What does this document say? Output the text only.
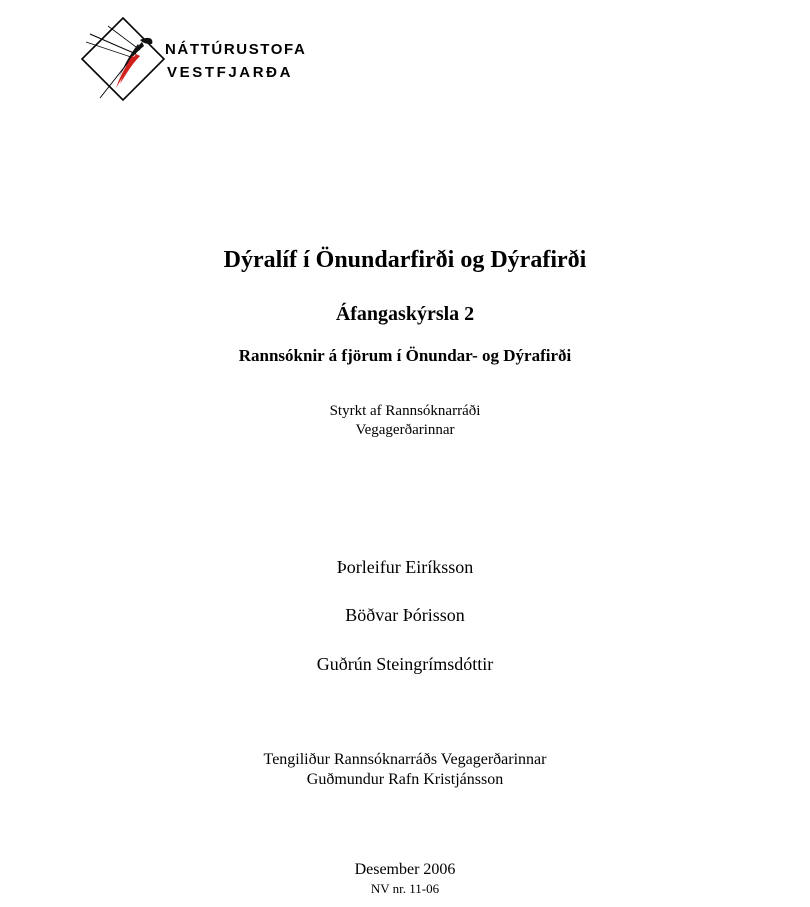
NÁTTÚRUSTOFA
VESTFJARÐA
Dýralíf í Önundarfirði og Dýrafirði
Áfangaskýrsla 2
Rannsóknir á fjörum í Önundar- og Dýrafirði
Styrkt af Rannsóknarráði
Vegagerðarinnar
Þorleifur Eiríksson
Böðvar Þórisson
Guðrún Steingrímsdóttir
Tengiliður Rannsóknarráðs Vegagerðarinnar
Guðmundur Rafn Kristjánsson
Desember 2006
NV nr. 11-06
